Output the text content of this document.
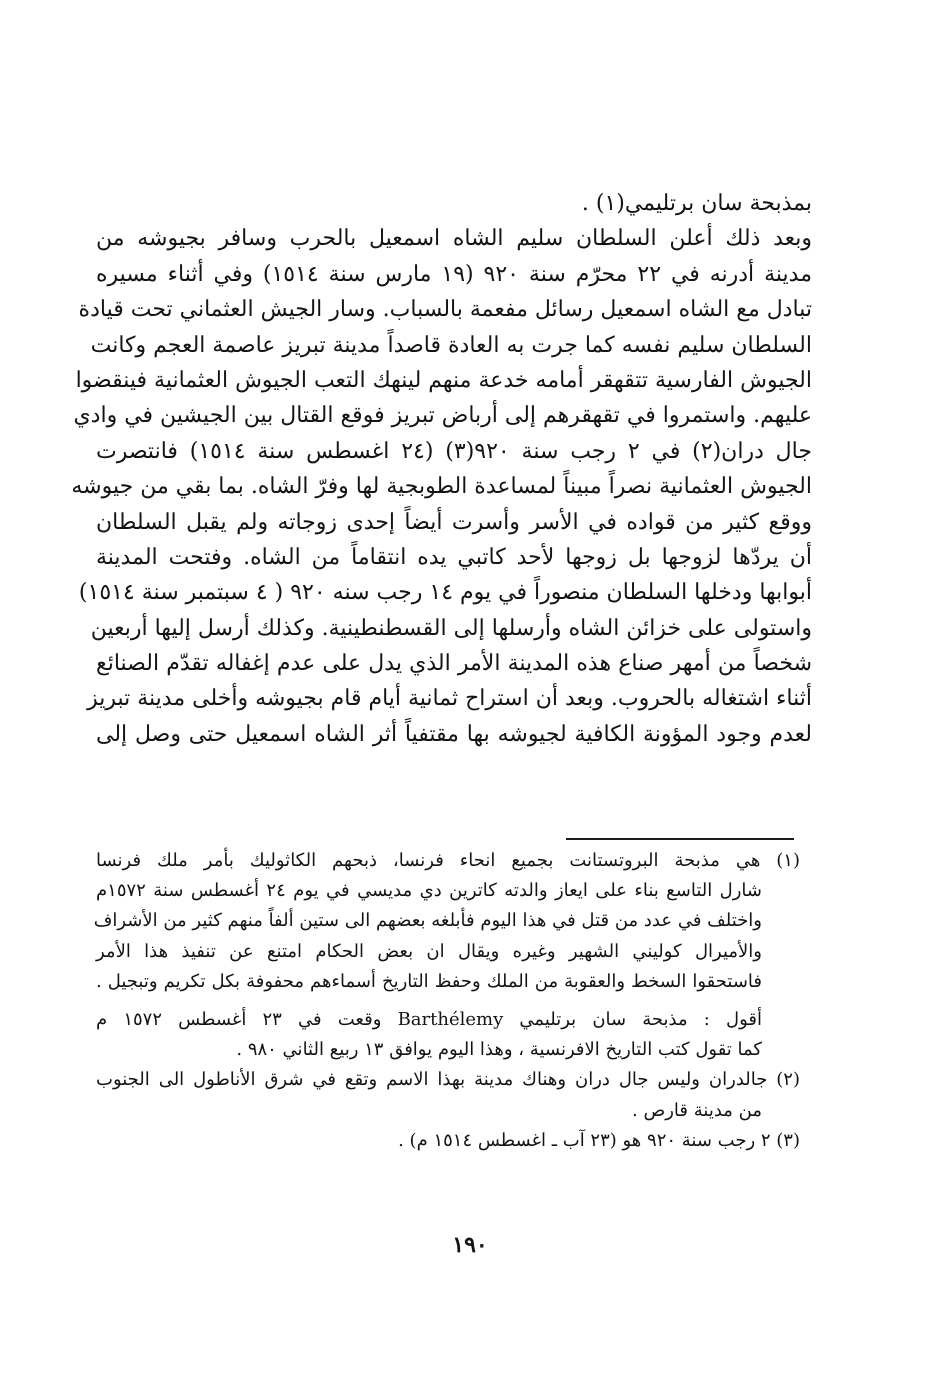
بمذبحة سان برتليمي(١) .
وبعد ذلك أعلن السلطان سليم الشاه اسمعيل بالحرب وسافر بجيوشه من
مدينة أدرنه في ٢٢ محرّم سنة ٩٢٠ (١٩ مارس سنة ١٥١٤) وفي أثناء مسيره
تبادل مع الشاه اسمعيل رسائل مفعمة بالسباب. وسار الجيش العثماني تحت قيادة
السلطان سليم نفسه كما جرت به العادة قاصداً مدينة تبريز عاصمة العجم وكانت
الجيوش الفارسية تتقهقر أمامه خدعة منهم لينهك التعب الجيوش العثمانية فينقضوا
عليهم. واستمروا في تقهقرهم إلى أرباض تبريز فوقع القتال بين الجيشين في وادي
جال دران(٢) في ٢ رجب سنة ٩٢٠(٣) (٢٤ اغسطس سنة ١٥١٤) فانتصرت
الجيوش العثمانية نصراً مبيناً لمساعدة الطوبجية لها وفرّ الشاه. بما بقي من جيوشه
ووقع كثير من قواده في الأسر وأسرت أيضاً إحدى زوجاته ولم يقبل السلطان
أن يردّها لزوجها بل زوجها لأحد كاتبي يده انتقاماً من الشاه. وفتحت المدينة
أبوابها ودخلها السلطان منصوراً في يوم ١٤ رجب سنه ٩٢٠ ( ٤ سبتمبر سنة ١٥١٤)
واستولى على خزائن الشاه وأرسلها إلى القسطنطينية. وكذلك أرسل إليها أربعين
شخصاً من أمهر صناع هذه المدينة الأمر الذي يدل على عدم إغفاله تقدّم الصنائع
أثناء اشتغاله بالحروب. وبعد أن استراح ثمانية أيام قام بجيوشه وأخلى مدينة تبريز
لعدم وجود المؤونة الكافية لجيوشه بها مقتفياً أثر الشاه اسمعيل حتى وصل إلى
(١) هي مذبحة البروتستانت بجميع انحاء فرنسا، ذبحهم الكاثوليك بأمر ملك فرنسا
شارل التاسع بناء على ايعاز والدته كاترين دي مديسي في يوم ٢٤ أغسطس سنة ١٥٧٢م
واختلف في عدد من قتل في هذا اليوم فأبلغه بعضهم الى ستين ألفاً منهم كثير من الأشراف
والأميرال كوليني الشهير وغيره ويقال ان بعض الحكام امتنع عن تنفيذ هذا الأمر
فاستحقوا السخط والعقوبة من الملك وحفظ التاريخ أسماءهم محفوفة بكل تكريم وتبجيل .
أقول : مذبحة سان برتليمي Barthélemy وقعت في ٢٣ أغسطس ١٥٧٢ م
كما تقول كتب التاريخ الافرنسية ، وهذا اليوم يوافق ١٣ ربيع الثاني ٩٨٠ .
(٢) جالدران وليس جال دران وهناك مدينة بهذا الاسم وتقع في شرق الأناطول الى الجنوب
من مدينة قارص .
(٣) ٢ رجب سنة ٩٢٠ هو (٢٣ آب ـ اغسطس ١٥١٤ م) .
١٩٠
